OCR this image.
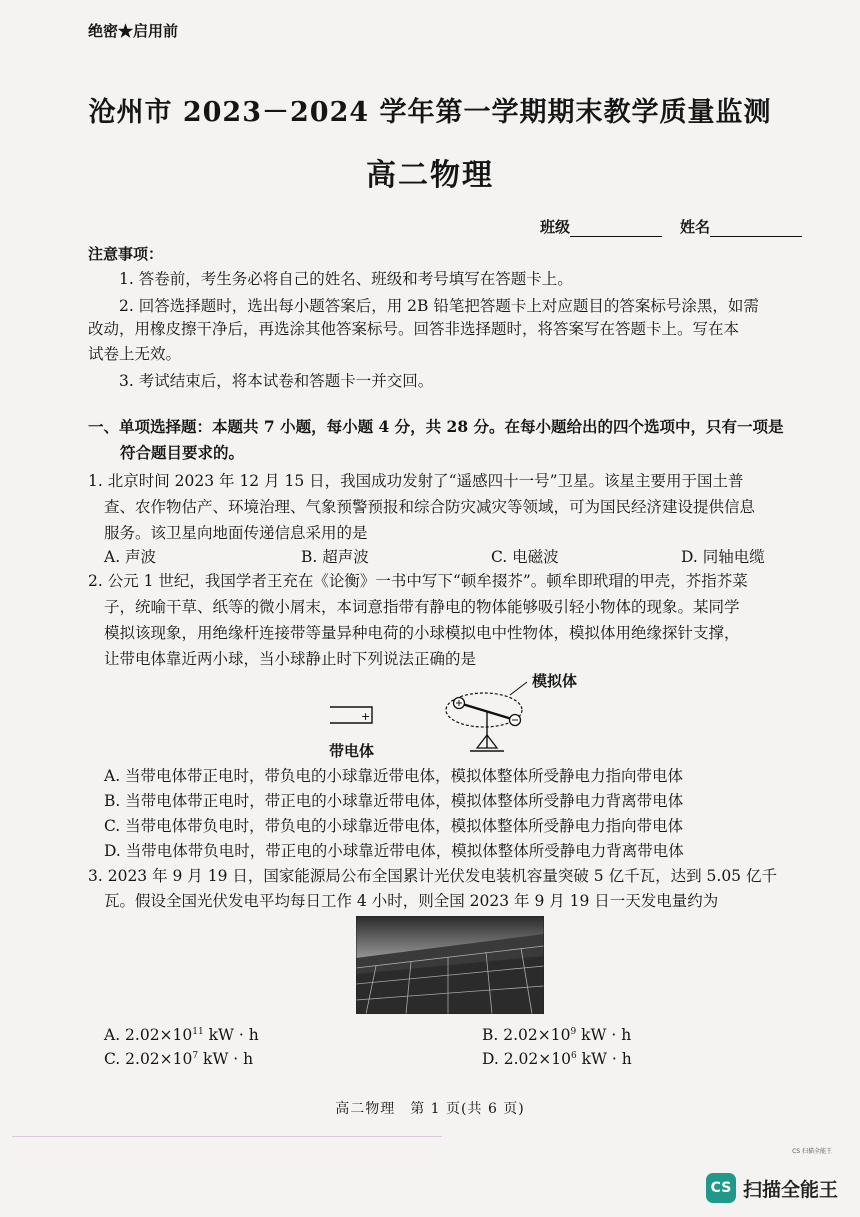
绝密★启用前
沧州市 2023－2024 学年第一学期期末教学质量监测
高二物理
班级	姓名
注意事项：
1. 答卷前，考生务必将自己的姓名、班级和考号填写在答题卡上。
2. 回答选择题时，选出每小题答案后，用 2B 铅笔把答题卡上对应题目的答案标号涂黑，如需
改动，用橡皮擦干净后，再选涂其他答案标号。回答非选择题时，将答案写在答题卡上。写在本
试卷上无效。
3. 考试结束后，将本试卷和答题卡一并交回。
一、单项选择题：本题共 7 小题，每小题 4 分，共 28 分。在每小题给出的四个选项中，只有一项是
符合题目要求的。
1. 北京时间 2023 年 12 月 15 日，我国成功发射了“遥感四十一号”卫星。该星主要用于国土普
查、农作物估产、环境治理、气象预警预报和综合防灾减灾等领域，可为国民经济建设提供信息
服务。该卫星向地面传递信息采用的是
A. 声波	B. 超声波	C. 电磁波	D. 同轴电缆
2. 公元 1 世纪，我国学者王充在《论衡》一书中写下“顿牟掇芥”。顿牟即玳瑁的甲壳，芥指芥菜
子，统喻干草、纸等的微小屑末，本词意指带有静电的物体能够吸引轻小物体的现象。某同学
模拟该现象，用绝缘杆连接带等量异种电荷的小球模拟电中性物体，模拟体用绝缘探针支撑，
让带电体靠近两小球，当小球静止时下列说法正确的是
+
模拟体
带电体
A. 当带电体带正电时，带负电的小球靠近带电体，模拟体整体所受静电力指向带电体
B. 当带电体带正电时，带正电的小球靠近带电体，模拟体整体所受静电力背离带电体
C. 当带电体带负电时，带负电的小球靠近带电体，模拟体整体所受静电力指向带电体
D. 当带电体带负电时，带正电的小球靠近带电体，模拟体整体所受静电力背离带电体
3. 2023 年 9 月 19 日，国家能源局公布全国累计光伏发电装机容量突破 5 亿千瓦，达到 5.05 亿千
瓦。假设全国光伏发电平均每日工作 4 小时，则全国 2023 年 9 月 19 日一天发电量约为
A. $2.02\times 10^{11}$ kW · h	B. $2.02\times 10^9$ kW · h
C. $2.02\times 10^7$ kW · h	D. $2.02\times 10^6$ kW · h
高二物理　第 1 页(共 6 页)
CS 扫描全能王
CS 扫描全能王
